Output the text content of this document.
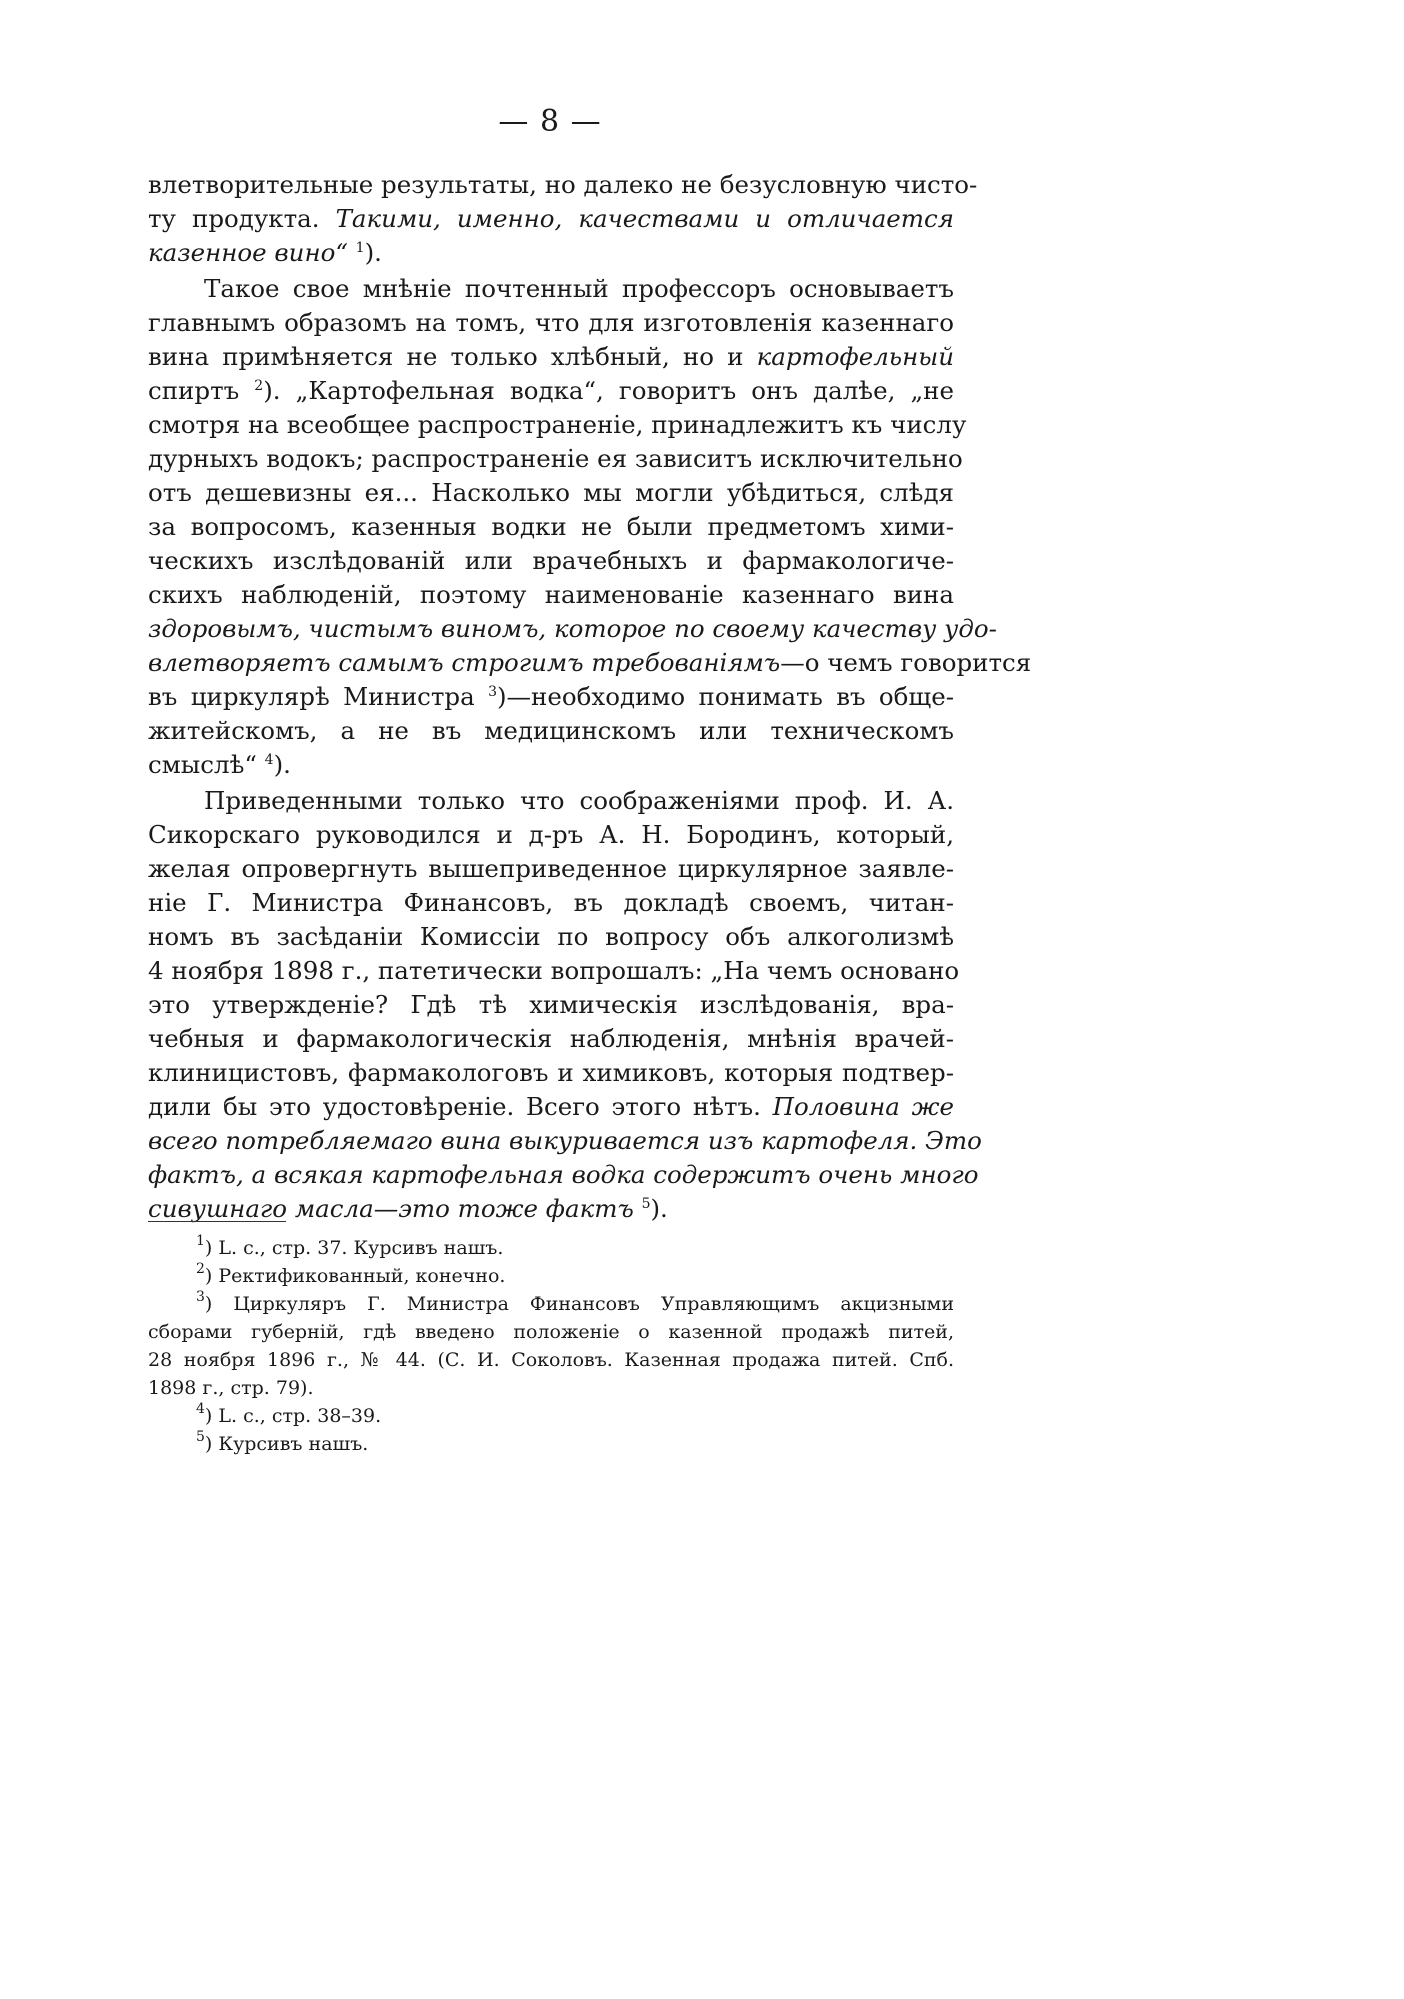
— 8 —
влетворительные результаты, но далеко не безусловную чисто-
ту продукта. Такими, именно, качествами и отличается
казенное вино“ $^1$).
Такое свое мнѣніе почтенный профессоръ основываетъ
главнымъ образомъ на томъ, что для изготовленія казеннаго
вина примѣняется не только хлѣбный, но и картофельный
спиртъ $^2$). „Картофельная водка“, говоритъ онъ далѣе, „не
смотря на всеобщее распространеніе, принадлежитъ къ числу
дурныхъ водокъ; распространеніе ея зависитъ исключительно
отъ дешевизны ея... Насколько мы могли убѣдиться, слѣдя
за вопросомъ, казенныя водки не были предметомъ хими-
ческихъ изслѣдованій или врачебныхъ и фармакологиче-
скихъ наблюденій, поэтому наименованіе казеннаго вина
здоровымъ, чистымъ виномъ, которое по своему качеству удо-
влетворяетъ самымъ строгимъ требованіямъ—о чемъ говорится
въ циркулярѣ Министра $^3$)—необходимо понимать въ обще-
житейскомъ, а не въ медицинскомъ или техническомъ
смыслѣ“ $^4$).
Приведенными только что соображеніями проф. И. А.
Сикорскаго руководился и д-ръ А. Н. Бородинъ, который,
желая опровергнуть вышеприведенное циркулярное заявле-
ніе Г. Министра Финансовъ, въ докладѣ своемъ, читан-
номъ въ засѣданіи Комиссіи по вопросу объ алкоголизмѣ
4 ноября 1898 г., патетически вопрошалъ: „На чемъ основано
это утвержденіе? Гдѣ тѣ химическія изслѣдованія, вра-
чебныя и фармакологическія наблюденія, мнѣнія врачей-
клиницистовъ, фармакологовъ и химиковъ, которыя подтвер-
дили бы это удостовѣреніе. Всего этого нѣтъ. Половина же
всего потребляемаго вина выкуривается изъ картофеля. Это
фактъ, а всякая картофельная водка содержитъ очень много
сивушнаго масла—это тоже фактъ $^5$).
$^1$) L. c., стр. 37. Курсивъ нашъ.
$^2$) Ректификованный, конечно.
$^3$) Циркуляръ Г. Министра Финансовъ Управляющимъ акцизными
сборами губерній, гдѣ введено положеніе о казенной продажѣ питей,
28 ноября 1896 г., № 44. (С. И. Соколовъ. Казенная продажа питей. Спб.
1898 г., стр. 79).
$^4$) L. c., стр. 38–39.
$^5$) Курсивъ нашъ.
